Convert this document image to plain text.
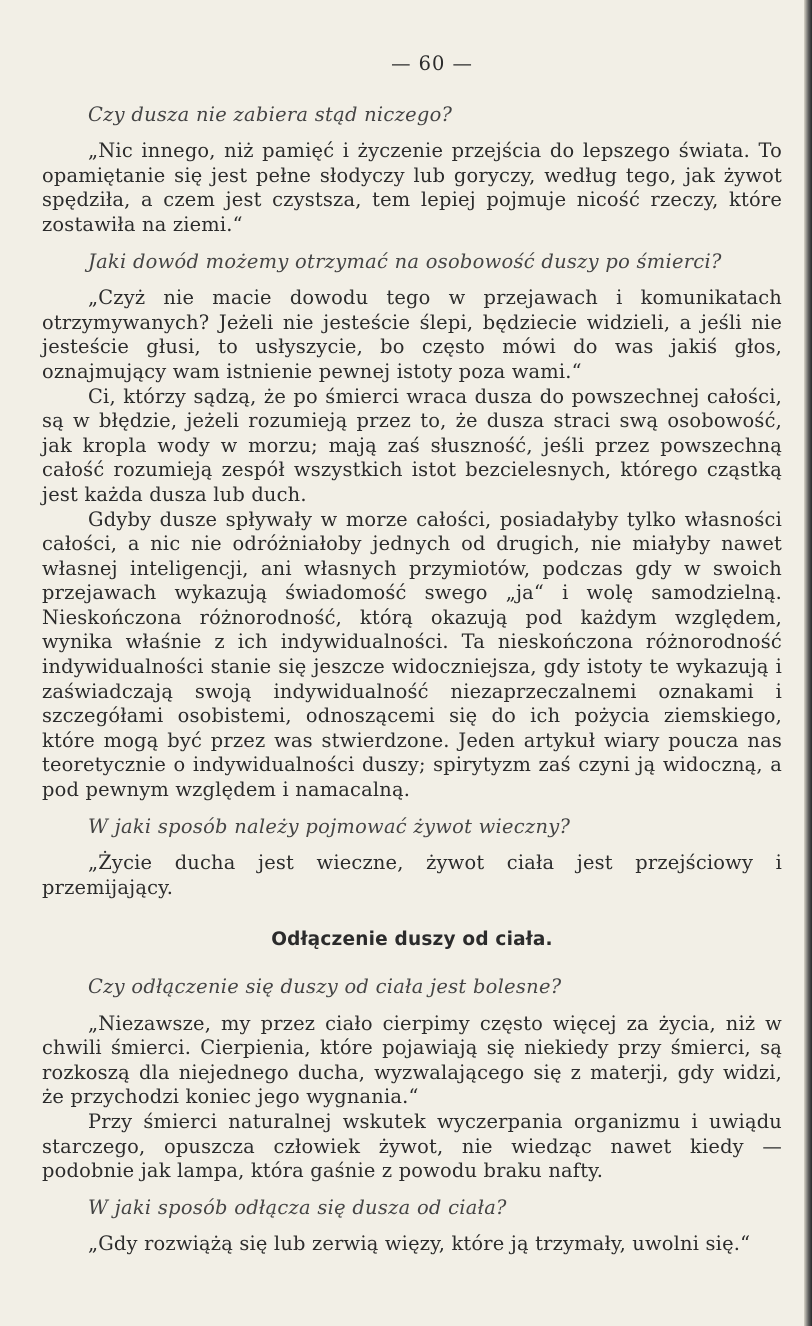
— 60 —
Czy dusza nie zabiera stąd niczego?
„Nic innego, niż pamięć i życzenie przejścia do lepszego świata. To opamiętanie się jest pełne słodyczy lub goryczy, według tego, jak żywot spędziła, a czem jest czystsza, tem lepiej pojmuje nicość rzeczy, które zostawiła na ziemi.“
Jaki dowód możemy otrzymać na osobowość duszy po śmierci?
„Czyż nie macie dowodu tego w przejawach i komunikatach otrzymywanych? Jeżeli nie jesteście ślepi, będziecie widzieli, a jeśli nie jesteście głusi, to usłyszycie, bo często mówi do was jakiś głos, oznajmujący wam istnienie pewnej istoty poza wami.“
Ci, którzy sądzą, że po śmierci wraca dusza do powszechnej całości, są w błędzie, jeżeli rozumieją przez to, że dusza straci swą osobowość, jak kropla wody w morzu; mają zaś słuszność, jeśli przez powszechną całość rozumieją zespół wszystkich istot bezcielesnych, którego cząstką jest każda dusza lub duch.
Gdyby dusze spływały w morze całości, posiadałyby tylko własności całości, a nic nie odróżniałoby jednych od drugich, nie miałyby nawet własnej inteligencji, ani własnych przymiotów, podczas gdy w swoich przejawach wykazują świadomość swego „ja“ i wolę samodzielną. Nieskończona różnorodność, którą okazują pod każdym względem, wynika właśnie z ich indywidualności. Ta nieskończona różnorodność indywidualności stanie się jeszcze widoczniejsza, gdy istoty te wykazują i zaświadczają swoją indywidualność niezaprzeczalnemi oznakami i szczegółami osobistemi, odnoszącemi się do ich pożycia ziemskiego, które mogą być przez was stwierdzone. Jeden artykuł wiary poucza nas teoretycznie o indywidualności duszy; spirytyzm zaś czyni ją widoczną, a pod pewnym względem i namacalną.
W jaki sposób należy pojmować żywot wieczny?
„Życie ducha jest wieczne, żywot ciała jest przejściowy i przemijający.
Odłączenie duszy od ciała.
Czy odłączenie się duszy od ciała jest bolesne?
„Niezawsze, my przez ciało cierpimy często więcej za życia, niż w chwili śmierci. Cierpienia, które pojawiają się niekiedy przy śmierci, są rozkoszą dla niejednego ducha, wyzwalającego się z materji, gdy widzi, że przychodzi koniec jego wygnania.“
Przy śmierci naturalnej wskutek wyczerpania organizmu i uwiądu starczego, opuszcza człowiek żywot, nie wiedząc nawet kiedy — podobnie jak lampa, która gaśnie z powodu braku nafty.
W jaki sposób odłącza się dusza od ciała?
„Gdy rozwiążą się lub zerwią więzy, które ją trzymały, uwolni się.“
